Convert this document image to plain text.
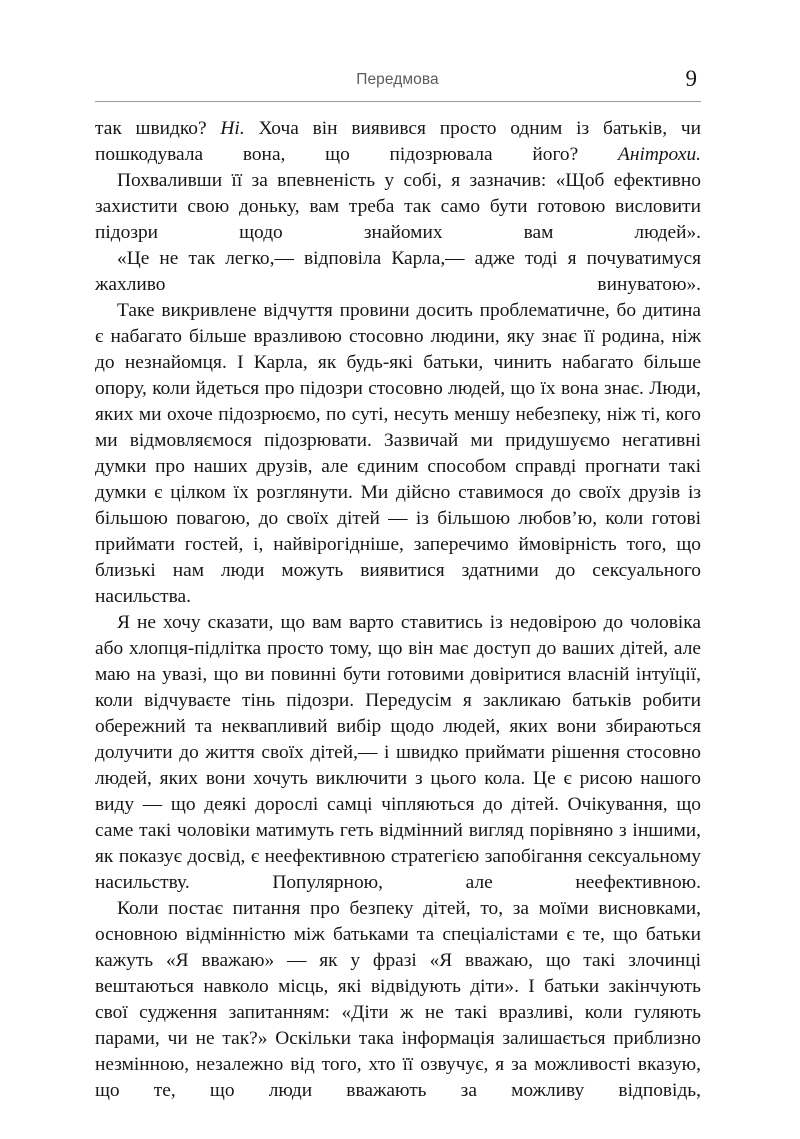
Передмова	9

так швидко? Ні. Хоча він виявився просто одним із батьків, чи пошкодувала вона, що підозрювала його? Анітрохи.

Похваливши її за впевненість у собі, я зазначив: «Щоб ефективно захистити свою доньку, вам треба так само бути готовою висловити підозри щодо знайомих вам людей».

«Це не так легко,— відповіла Карла,— адже тоді я почуватимуся жахливо винуватою».

Таке викривлене відчуття провини досить проблематичне, бо дитина є набагато більше вразливою стосовно людини, яку знає її родина, ніж до незнайомця. І Карла, як будь-які батьки, чинить набагато більше опору, коли йдеться про підозри стосовно людей, що їх вона знає. Люди, яких ми охоче підозрюємо, по суті, несуть меншу небезпеку, ніж ті, кого ми відмовляємося підозрювати. Зазвичай ми придушуємо негативні думки про наших друзів, але єдиним способом справді прогнати такі думки є цілком їх розглянути. Ми дійсно ставимося до своїх друзів із більшою повагою, до своїх дітей — із більшою любов’ю, коли готові приймати гостей, і, найвірогідніше, заперечимо ймовірність того, що близькі нам люди можуть виявитися здатними до сексуального насильства.

Я не хочу сказати, що вам варто ставитись із недовірою до чоловіка або хлопця-підлітка просто тому, що він має доступ до ваших дітей, але маю на увазі, що ви повинні бути готовими довіритися власній інтуїції, коли відчуваєте тінь підозри. Передусім я закликаю батьків робити обережний та неквапливий вибір щодо людей, яких вони збираються долучити до життя своїх дітей,— і швидко приймати рішення стосовно людей, яких вони хочуть виключити з цього кола. Це є рисою нашого виду — що деякі дорослі самці чіпляються до дітей. Очікування, що саме такі чоловіки матимуть геть відмінний вигляд порівняно з іншими, як показує досвід, є неефективною стратегією запобігання сексуальному насильству. Популярною, але неефективною.

Коли постає питання про безпеку дітей, то, за моїми висновками, основною відмінністю між батьками та спеціалістами є те, що батьки кажуть «Я вважаю» — як у фразі «Я вважаю, що такі злочинці вештаються навколо місць, які відвідують діти». І батьки закінчують свої судження запитанням: «Діти ж не такі вразливі, коли гуляють парами, чи не так?» Оскільки така інформація залишається приблизно незмінною, незалежно від того, хто її озвучує, я за можливості вказую, що те, що люди вважають за можливу відповідь,
